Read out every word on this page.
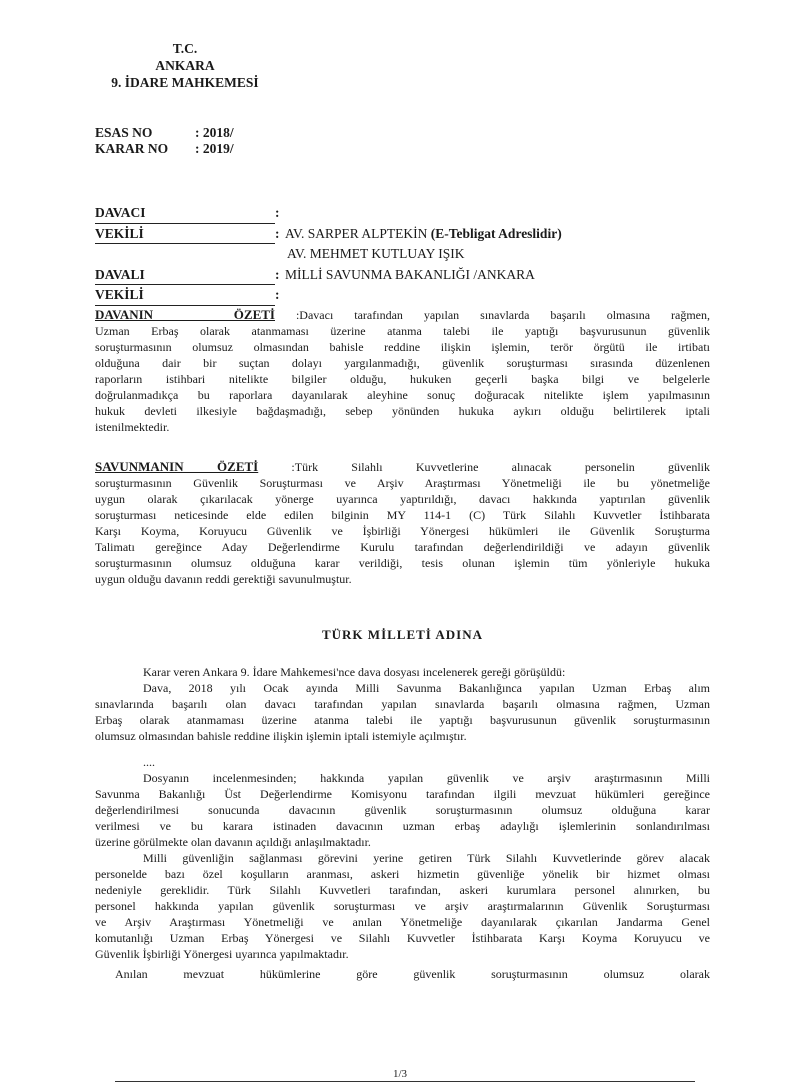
T.C.
ANKARA
9. İDARE MAHKEMESİ
ESAS NO	: 2018/
KARAR NO	: 2019/
DAVACI	:
VEKİLİ	: AV. SARPER ALPTEKİN (E-Tebligat Adreslidir)
AV. MEHMET KUTLUAY IŞIK
DAVALI	: MİLLİ SAVUNMA BAKANLIĞI /ANKARA
VEKİLİ	:
DAVANIN ÖZETİ :Davacı tarafından yapılan sınavlarda başarılı olmasına rağmen,
Uzman Erbaş olarak atanmaması üzerine atanma talebi ile yaptığı başvurusunun güvenlik
soruşturmasının olumsuz olmasından bahisle reddine ilişkin işlemin, terör örgütü ile irtibatı
olduğuna dair bir suçtan dolayı yargılanmadığı, güvenlik soruşturması sırasında düzenlenen
raporların istihbari nitelikte bilgiler olduğu, hukuken geçerli başka bilgi ve belgelerle
doğrulanmadıkça bu raporlara dayanılarak aleyhine sonuç doğuracak nitelikte işlem yapılmasının
hukuk devleti ilkesiyle bağdaşmadığı, sebep yönünden hukuka aykırı olduğu belirtilerek iptali
istenilmektedir.
SAVUNMANIN ÖZETİ :Türk Silahlı Kuvvetlerine alınacak personelin güvenlik
soruşturmasının Güvenlik Soruşturması ve Arşiv Araştırması Yönetmeliği ile bu yönetmeliğe
uygun olarak çıkarılacak yönerge uyarınca yaptırıldığı, davacı hakkında yaptırılan güvenlik
soruşturması neticesinde elde edilen bilginin MY 114-1 (C) Türk Silahlı Kuvvetler İstihbarata
Karşı Koyma, Koruyucu Güvenlik ve İşbirliği Yönergesi hükümleri ile Güvenlik Soruşturma
Talimatı gereğince Aday Değerlendirme Kurulu tarafından değerlendirildiği ve adayın güvenlik
soruşturmasının olumsuz olduğuna karar verildiği, tesis olunan işlemin tüm yönleriyle hukuka
uygun olduğu davanın reddi gerektiği savunulmuştur.
TÜRK MİLLETİ ADINA
Karar veren Ankara 9. İdare Mahkemesi'nce dava dosyası incelenerek gereği görüşüldü:
Dava, 2018 yılı Ocak ayında Milli Savunma Bakanlığınca yapılan Uzman Erbaş alım
sınavlarında başarılı olan davacı tarafından yapılan sınavlarda başarılı olmasına rağmen, Uzman
Erbaş olarak atanmaması üzerine atanma talebi ile yaptığı başvurusunun güvenlik soruşturmasının
olumsuz olmasından bahisle reddine ilişkin işlemin iptali istemiyle açılmıştır.
....
Dosyanın incelenmesinden; hakkında yapılan güvenlik ve arşiv araştırmasının Milli
Savunma Bakanlığı Üst Değerlendirme Komisyonu tarafından ilgili mevzuat hükümleri gereğince
değerlendirilmesi sonucunda davacının güvenlik soruşturmasının olumsuz olduğuna karar
verilmesi ve bu karara istinaden davacının uzman erbaş adaylığı işlemlerinin sonlandırılması
üzerine görülmekte olan davanın açıldığı anlaşılmaktadır.
Milli güvenliğin sağlanması görevini yerine getiren Türk Silahlı Kuvvetlerinde görev alacak
personelde bazı özel koşulların aranması, askeri hizmetin güvenliğe yönelik bir hizmet olması
nedeniyle gereklidir. Türk Silahlı Kuvvetleri tarafından, askeri kurumlara personel alınırken, bu
personel hakkında yapılan güvenlik soruşturması ve arşiv araştırmalarının Güvenlik Soruşturması
ve Arşiv Araştırması Yönetmeliği ve anılan Yönetmeliğe dayanılarak çıkarılan Jandarma Genel
komutanlığı Uzman Erbaş Yönergesi ve Silahlı Kuvvetler İstihbarata Karşı Koyma Koruyucu ve
Güvenlik İşbirliği Yönergesi uyarınca yapılmaktadır.
Anılan mevzuat hükümlerine göre güvenlik soruşturmasının olumsuz olarak
1/3
